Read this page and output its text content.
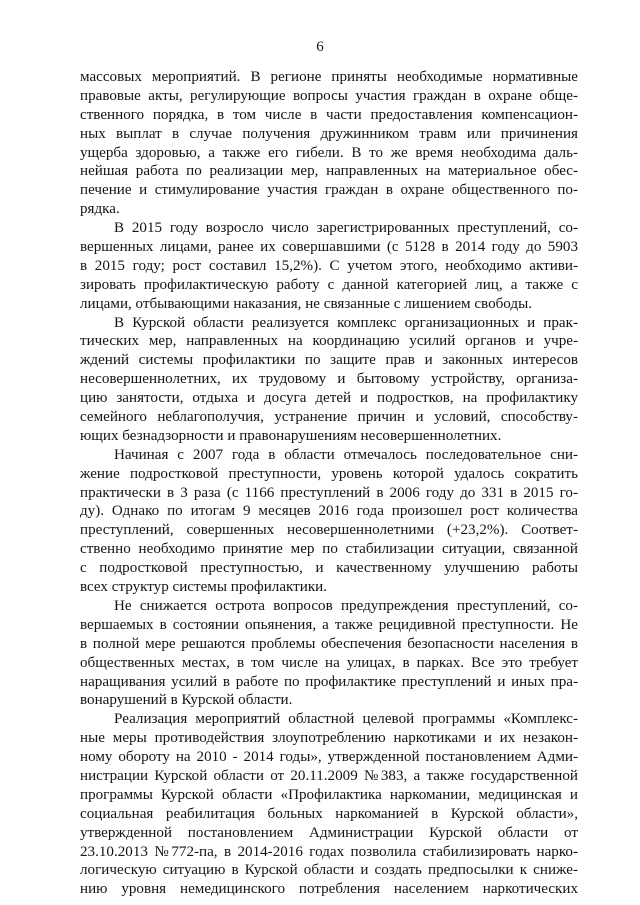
6
массовых мероприятий. В регионе приняты необходимые нормативные
правовые акты, регулирующие вопросы участия граждан в охране обще-
ственного порядка, в том числе в части предоставления компенсацион-
ных выплат в случае получения дружинником травм или причинения
ущерба здоровью, а также его гибели. В то же время необходима даль-
нейшая работа по реализации мер, направленных на материальное обес-
печение и стимулирование участия граждан в охране общественного по-
рядка.
В 2015 году возросло число зарегистрированных преступлений, со-
вершенных лицами, ранее их совершавшими (с 5128 в 2014 году до 5903
в 2015 году; рост составил 15,2%). С учетом этого, необходимо активи-
зировать профилактическую работу с данной категорией лиц, а также с
лицами, отбывающими наказания, не связанные с лишением свободы.
В Курской области реализуется комплекс организационных и прак-
тических мер, направленных на координацию усилий органов и учре-
ждений системы профилактики по защите прав и законных интересов
несовершеннолетних, их трудовому и бытовому устройству, организа-
цию занятости, отдыха и досуга детей и подростков, на профилактику
семейного неблагополучия, устранение причин и условий, способству-
ющих безнадзорности и правонарушениям несовершеннолетних.
Начиная с 2007 года в области отмечалось последовательное сни-
жение подростковой преступности, уровень которой удалось сократить
практически в 3 раза (с 1166 преступлений в 2006 году до 331 в 2015 го-
ду). Однако по итогам 9 месяцев 2016 года произошел рост количества
преступлений, совершенных несовершеннолетними (+23,2%). Соответ-
ственно необходимо принятие мер по стабилизации ситуации, связанной
с подростковой преступностью, и качественному улучшению работы
всех структур системы профилактики.
Не снижается острота вопросов предупреждения преступлений, со-
вершаемых в состоянии опьянения, а также рецидивной преступности. Не
в полной мере решаются проблемы обеспечения безопасности населения в
общественных местах, в том числе на улицах, в парках. Все это требует
наращивания усилий в работе по профилактике преступлений и иных пра-
вонарушений в Курской области.
Реализация мероприятий областной целевой программы «Комплекс-
ные меры противодействия злоупотреблению наркотиками и их незакон-
ному обороту на 2010 - 2014 годы», утвержденной постановлением Адми-
нистрации Курской области от 20.11.2009 №383, а также государственной
программы Курской области «Профилактика наркомании, медицинская и
социальная реабилитация больных наркоманией в Курской области»,
утвержденной постановлением Администрации Курской области от
23.10.2013 №772-па, в 2014-2016 годах позволила стабилизировать нарко-
логическую ситуацию в Курской области и создать предпосылки к сниже-
нию уровня немедицинского потребления населением наркотических
